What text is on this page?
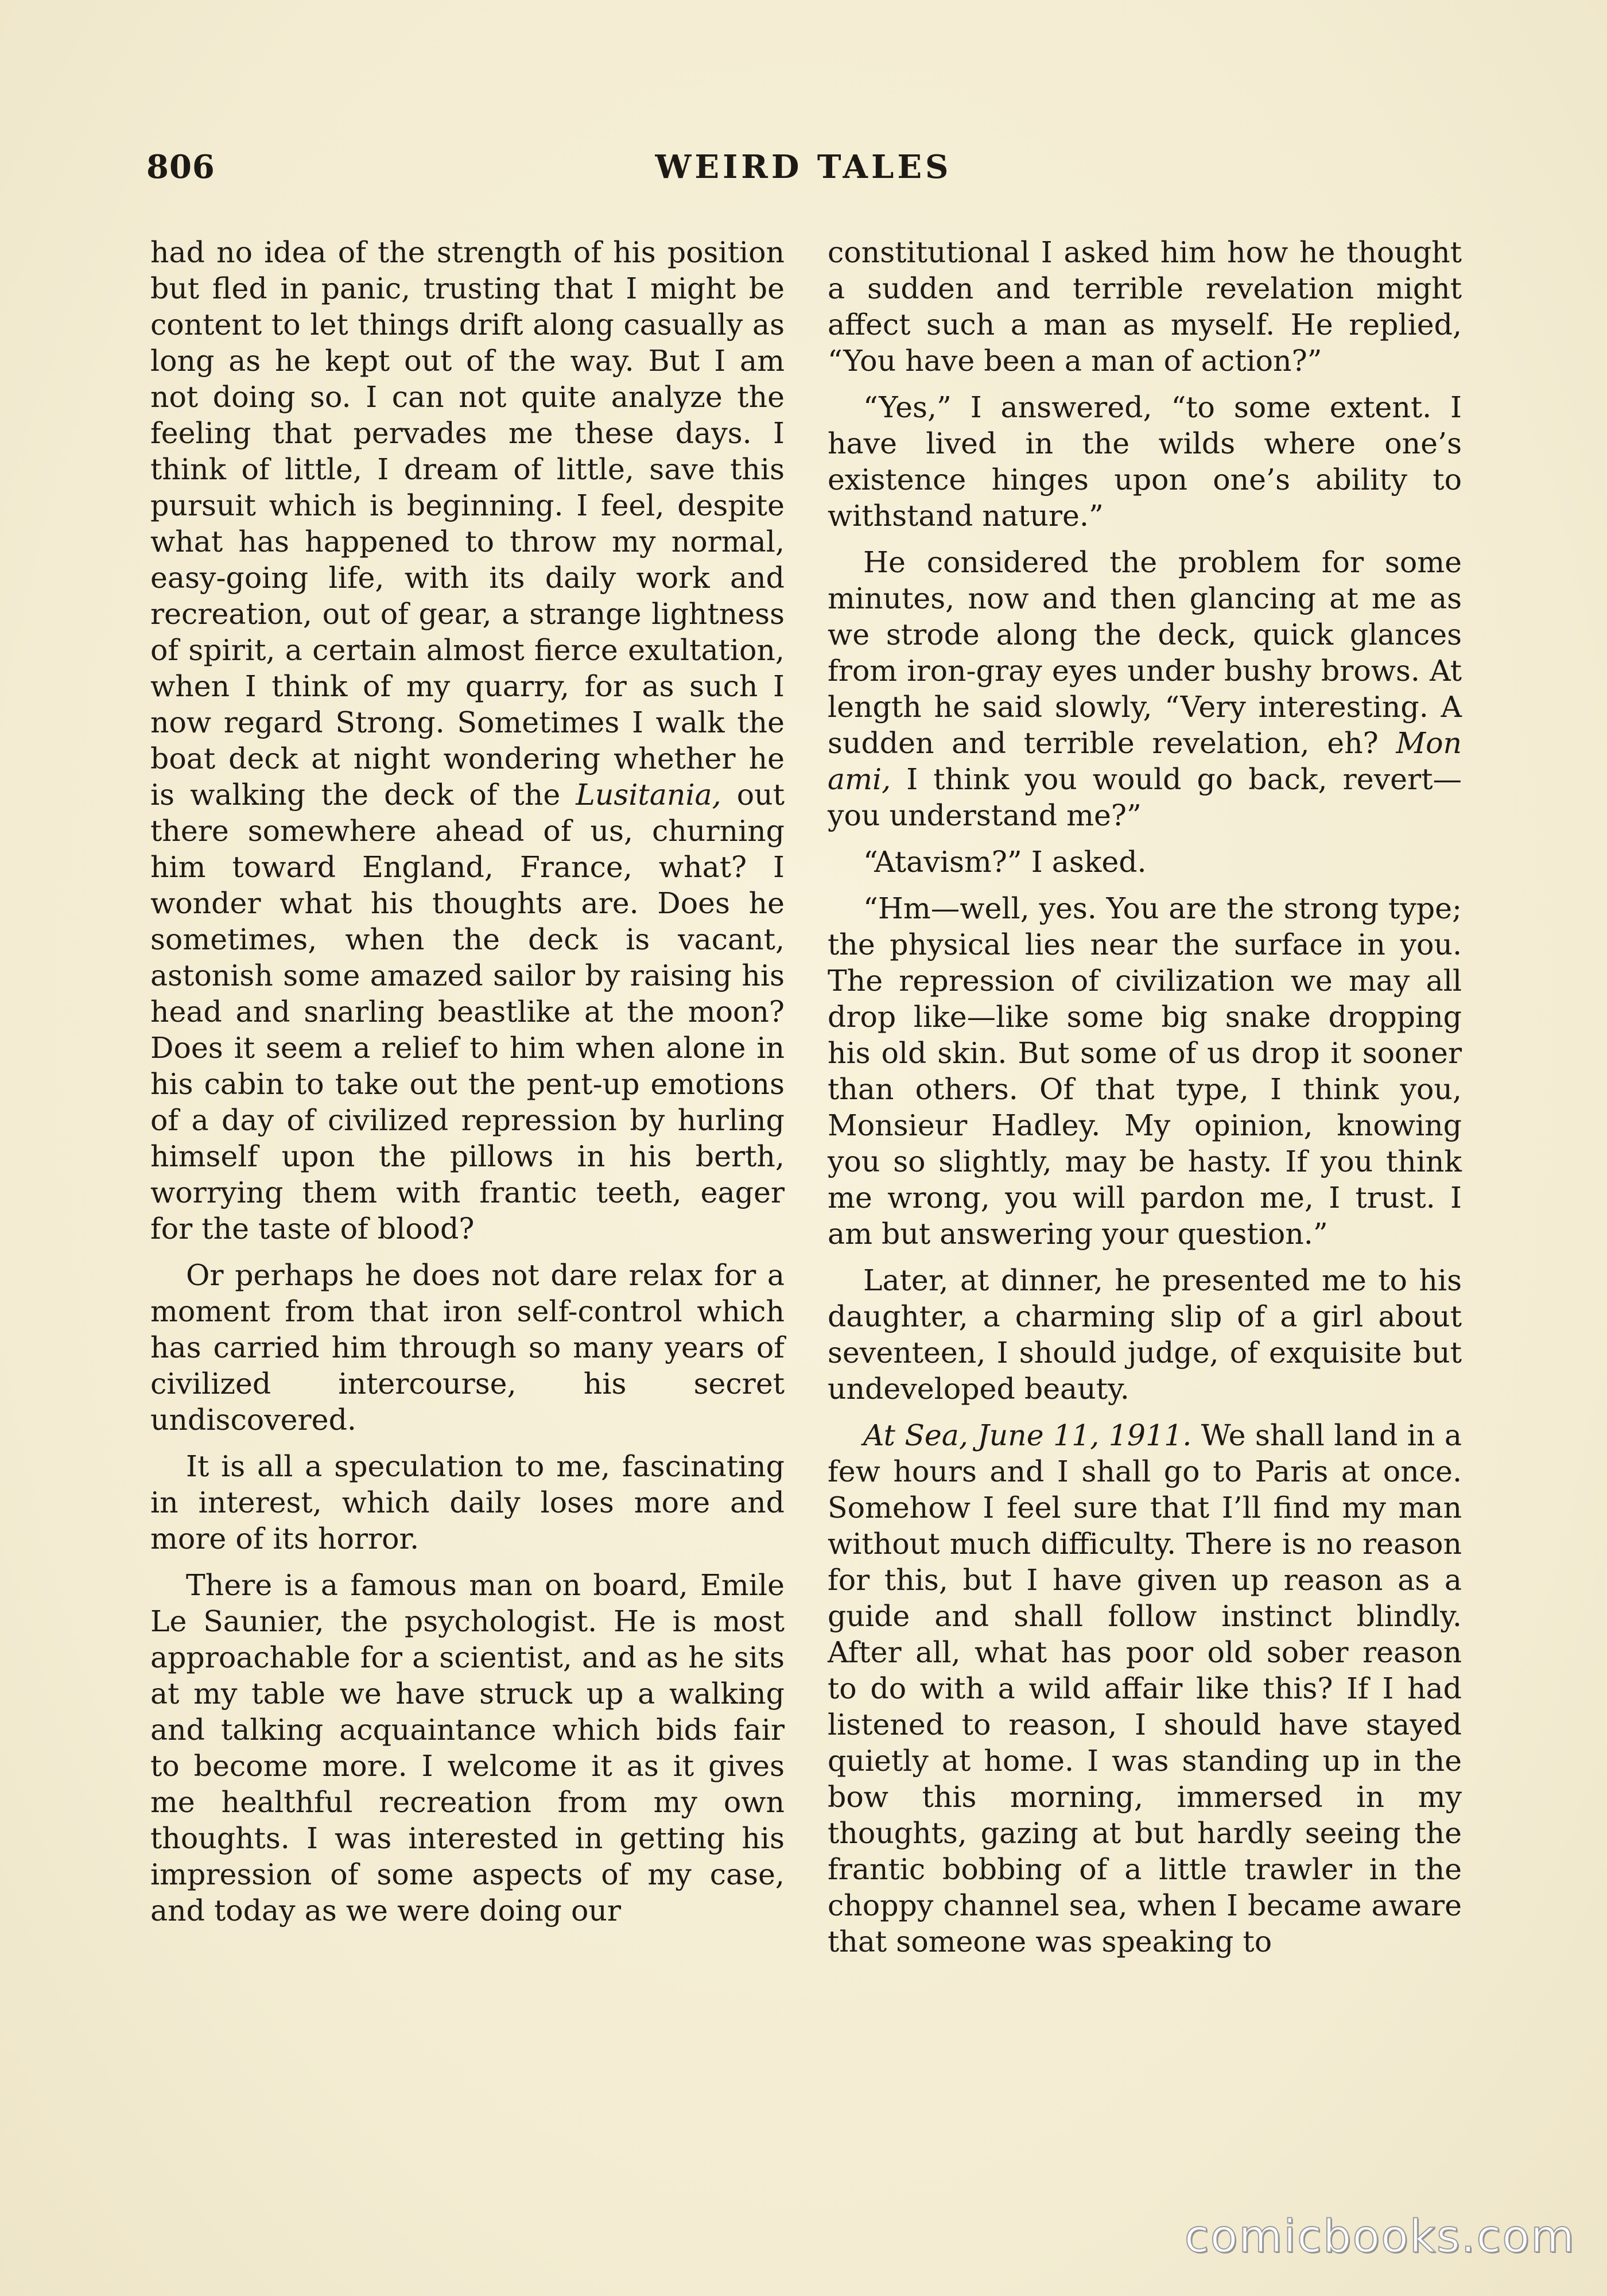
806	WEIRD TALES

had no idea of the strength of his position but fled in panic, trusting that I might be content to let things drift along casually as long as he kept out of the way. But I am not doing so. I can not quite analyze the feeling that pervades me these days. I think of little, I dream of little, save this pursuit which is beginning. I feel, despite what has happened to throw my normal, easy-going life, with its daily work and recreation, out of gear, a strange lightness of spirit, a certain almost fierce exultation, when I think of my quarry, for as such I now regard Strong. Sometimes I walk the boat deck at night wondering whether he is walking the deck of the Lusitania, out there somewhere ahead of us, churning him toward England, France, what? I wonder what his thoughts are. Does he sometimes, when the deck is vacant, astonish some amazed sailor by raising his head and snarling beastlike at the moon? Does it seem a relief to him when alone in his cabin to take out the pent-up emotions of a day of civilized repression by hurling himself upon the pillows in his berth, worrying them with frantic teeth, eager for the taste of blood?

Or perhaps he does not dare relax for a moment from that iron self-control which has carried him through so many years of civilized intercourse, his secret undiscovered.

It is all a speculation to me, fascinating in interest, which daily loses more and more of its horror.

There is a famous man on board, Emile Le Saunier, the psychologist. He is most approachable for a scientist, and as he sits at my table we have struck up a walking and talking acquaintance which bids fair to become more. I welcome it as it gives me healthful recreation from my own thoughts. I was interested in getting his impression of some aspects of my case, and today as we were doing our

constitutional I asked him how he thought a sudden and terrible revelation might affect such a man as myself. He replied, “You have been a man of action?”

“Yes,” I answered, “to some extent. I have lived in the wilds where one’s existence hinges upon one’s ability to withstand nature.”

He considered the problem for some minutes, now and then glancing at me as we strode along the deck, quick glances from iron-gray eyes under bushy brows. At length he said slowly, “Very interesting. A sudden and terrible revelation, eh? Mon ami, I think you would go back, revert—you understand me?”

“Atavism?” I asked.

“Hm—well, yes. You are the strong type; the physical lies near the surface in you. The repression of civilization we may all drop like—like some big snake dropping his old skin. But some of us drop it sooner than others. Of that type, I think you, Monsieur Hadley. My opinion, knowing you so slightly, may be hasty. If you think me wrong, you will pardon me, I trust. I am but answering your question.”

Later, at dinner, he presented me to his daughter, a charming slip of a girl about seventeen, I should judge, of exquisite but undeveloped beauty.

At Sea, June 11, 1911. We shall land in a few hours and I shall go to Paris at once. Somehow I feel sure that I’ll find my man without much difficulty. There is no reason for this, but I have given up reason as a guide and shall follow instinct blindly. After all, what has poor old sober reason to do with a wild affair like this? If I had listened to reason, I should have stayed quietly at home. I was standing up in the bow this morning, immersed in my thoughts, gazing at but hardly seeing the frantic bobbing of a little trawler in the choppy channel sea, when I became aware that someone was speaking to

comicbooks.com
